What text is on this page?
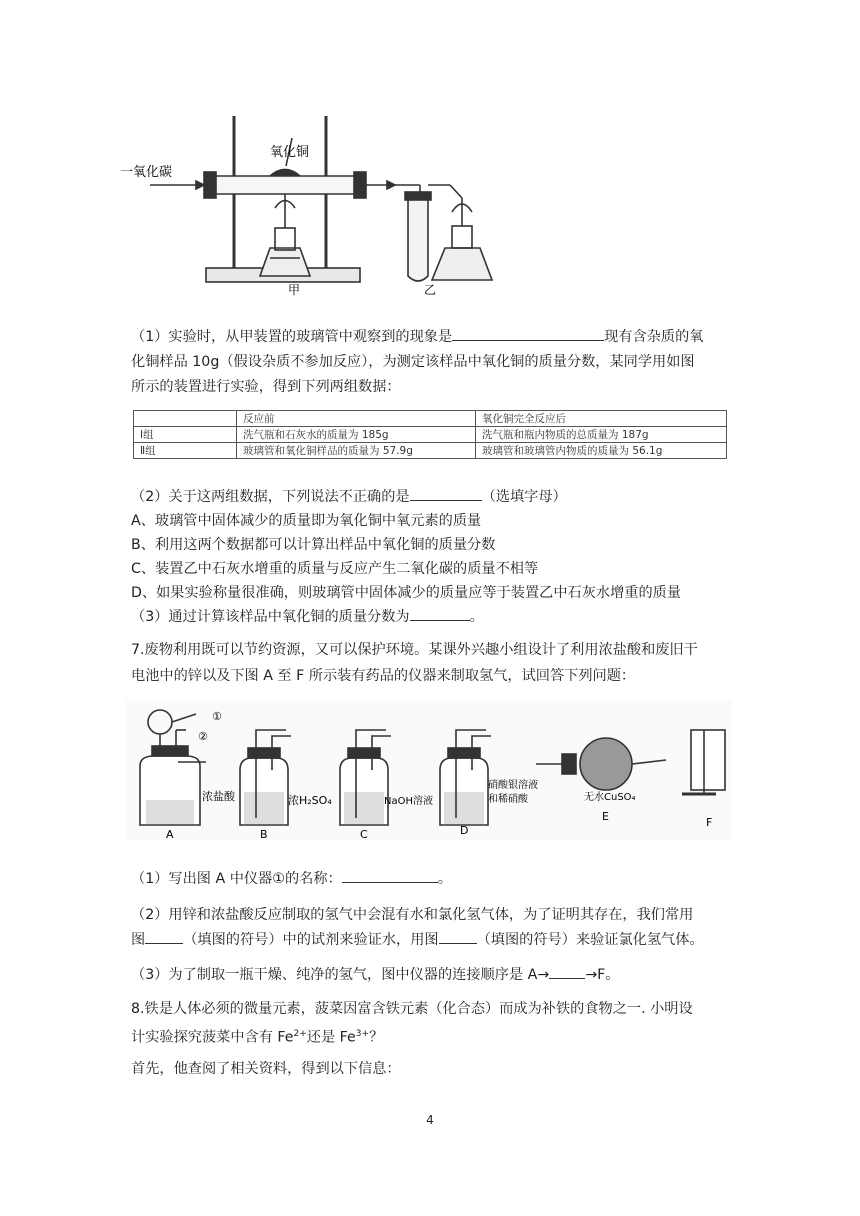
一氧化碳
氧化铜
甲	乙
（1）实验时，从甲装置的玻璃管中观察到的现象是	现有含杂质的氧
化铜样品 10g（假设杂质不参加反应），为测定该样品中氧化铜的质量分数，某同学用如图
所示的装置进行实验，得到下列两组数据：
	反应前	氧化铜完全反应后
Ⅰ组	洗气瓶和石灰水的质量为 185g	洗气瓶和瓶内物质的总质量为 187g
Ⅱ组	玻璃管和氧化铜样品的质量为 57.9g	玻璃管和玻璃管内物质的质量为 56.1g
（2）关于这两组数据，下列说法不正确的是	（选填字母）
A、玻璃管中固体减少的质量即为氧化铜中氧元素的质量
B、利用这两个数据都可以计算出样品中氧化铜的质量分数
C、装置乙中石灰水增重的质量与反应产生二氧化碳的质量不相等
D、如果实验称量很准确，则玻璃管中固体减少的质量应等于装置乙中石灰水增重的质量
（3）通过计算该样品中氧化铜的质量分数为	。
7.废物利用既可以节约资源，又可以保护环境。某课外兴趣小组设计了利用浓盐酸和废旧干
电池中的锌以及下图 A 至 F 所示装有药品的仪器来制取氢气，试回答下列问题：
①
②
浓盐酸	浓H₂SO₄	NaOH溶液
硝酸银溶液
和稀硝酸	无水CuSO₄
A	B	C	D
E	F
（1）写出图 A 中仪器①的名称：	。
（2）用锌和浓盐酸反应制取的氢气中会混有水和氯化氢气体，为了证明其存在，我们常用
图	（填图的符号）中的试剂来验证水，用图	（填图的符号）来验证氯化氢气体。
（3）为了制取一瓶干燥、纯净的氢气，图中仪器的连接顺序是 A→	→F。
8.铁是人体必须的微量元素，菠菜因富含铁元素（化合态）而成为补铁的食物之一. 小明设
计实验探究菠菜中含有 $Fe^{2+}$还是 $Fe^{3+}$？
首先，他查阅了相关资料，得到以下信息：
4
